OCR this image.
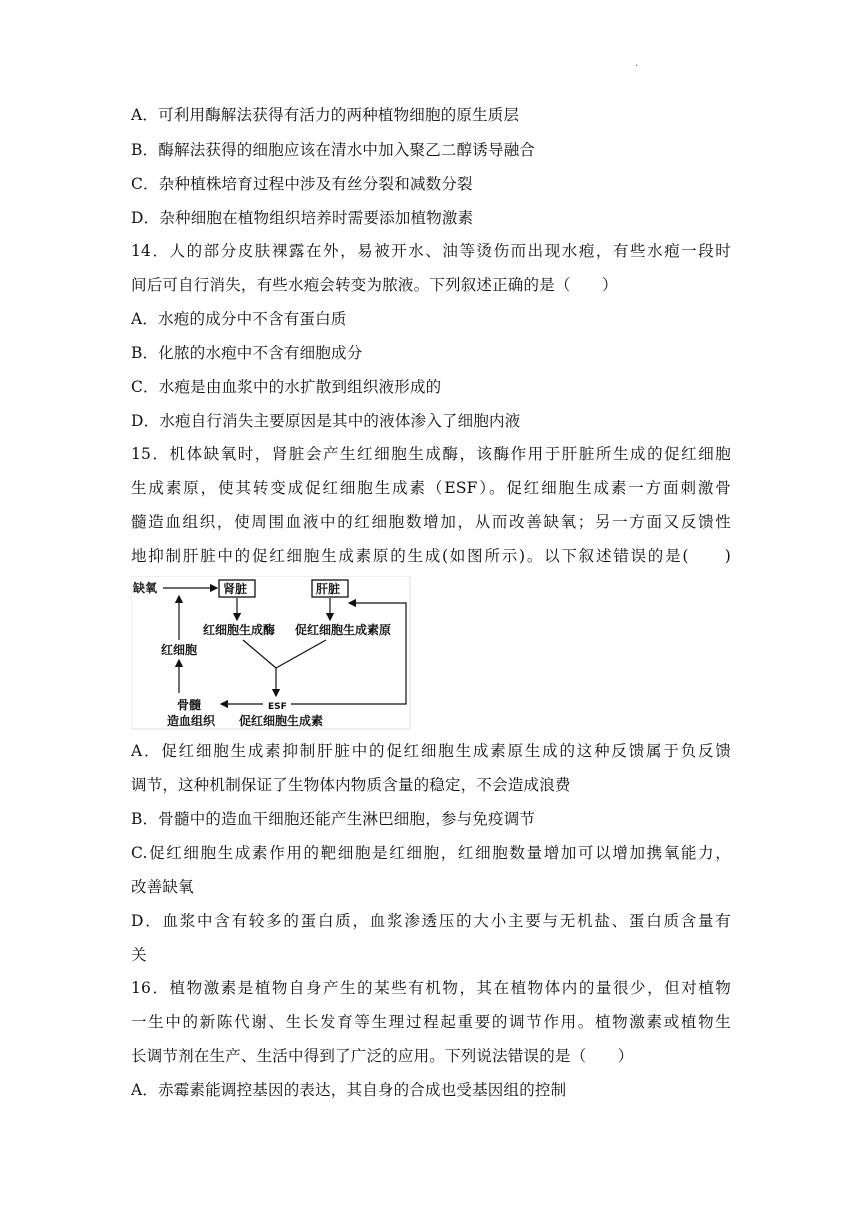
.
A．可利用酶解法获得有活力的两种植物细胞的原生质层
B．酶解法获得的细胞应该在清水中加入聚乙二醇诱导融合
C．杂种植株培育过程中涉及有丝分裂和减数分裂
D．杂种细胞在植物组织培养时需要添加植物激素
14．人的部分皮肤裸露在外，易被开水、油等烫伤而出现水疱，有些水疱一段时
间后可自行消失，有些水疱会转变为脓液。下列叙述正确的是（　　）
A．水疱的成分中不含有蛋白质
B．化脓的水疱中不含有细胞成分
C．水疱是由血浆中的水扩散到组织液形成的
D．水疱自行消失主要原因是其中的液体渗入了细胞内液
15．机体缺氧时，肾脏会产生红细胞生成酶，该酶作用于肝脏所生成的促红细胞
生成素原，使其转变成促红细胞生成素（ESF）。促红细胞生成素一方面刺激骨
髓造血组织，使周围血液中的红细胞数增加，从而改善缺氧；另一方面又反馈性
地抑制肝脏中的促红细胞生成素原的生成(如图所示)。以下叙述错误的是(　　)
A．促红细胞生成素抑制肝脏中的促红细胞生成素原生成的这种反馈属于负反馈
调节，这种机制保证了生物体内物质含量的稳定，不会造成浪费
B．骨髓中的造血干细胞还能产生淋巴细胞，参与免疫调节
C.促红细胞生成素作用的靶细胞是红细胞，红细胞数量增加可以增加携氧能力，
改善缺氧
D．血浆中含有较多的蛋白质，血浆渗透压的大小主要与无机盐、蛋白质含量有
关
16．植物激素是植物自身产生的某些有机物，其在植物体内的量很少，但对植物
一生中的新陈代谢、生长发育等生理过程起重要的调节作用。植物激素或植物生
长调节剂在生产、生活中得到了广泛的应用。下列说法错误的是（　　）
A．赤霉素能调控基因的表达，其自身的合成也受基因组的控制
缺氧	肾脏	肝脏
红细胞生成酶 促红细胞生成素原
红细胞
骨髓
造血组织
ESF
促红细胞生成素
